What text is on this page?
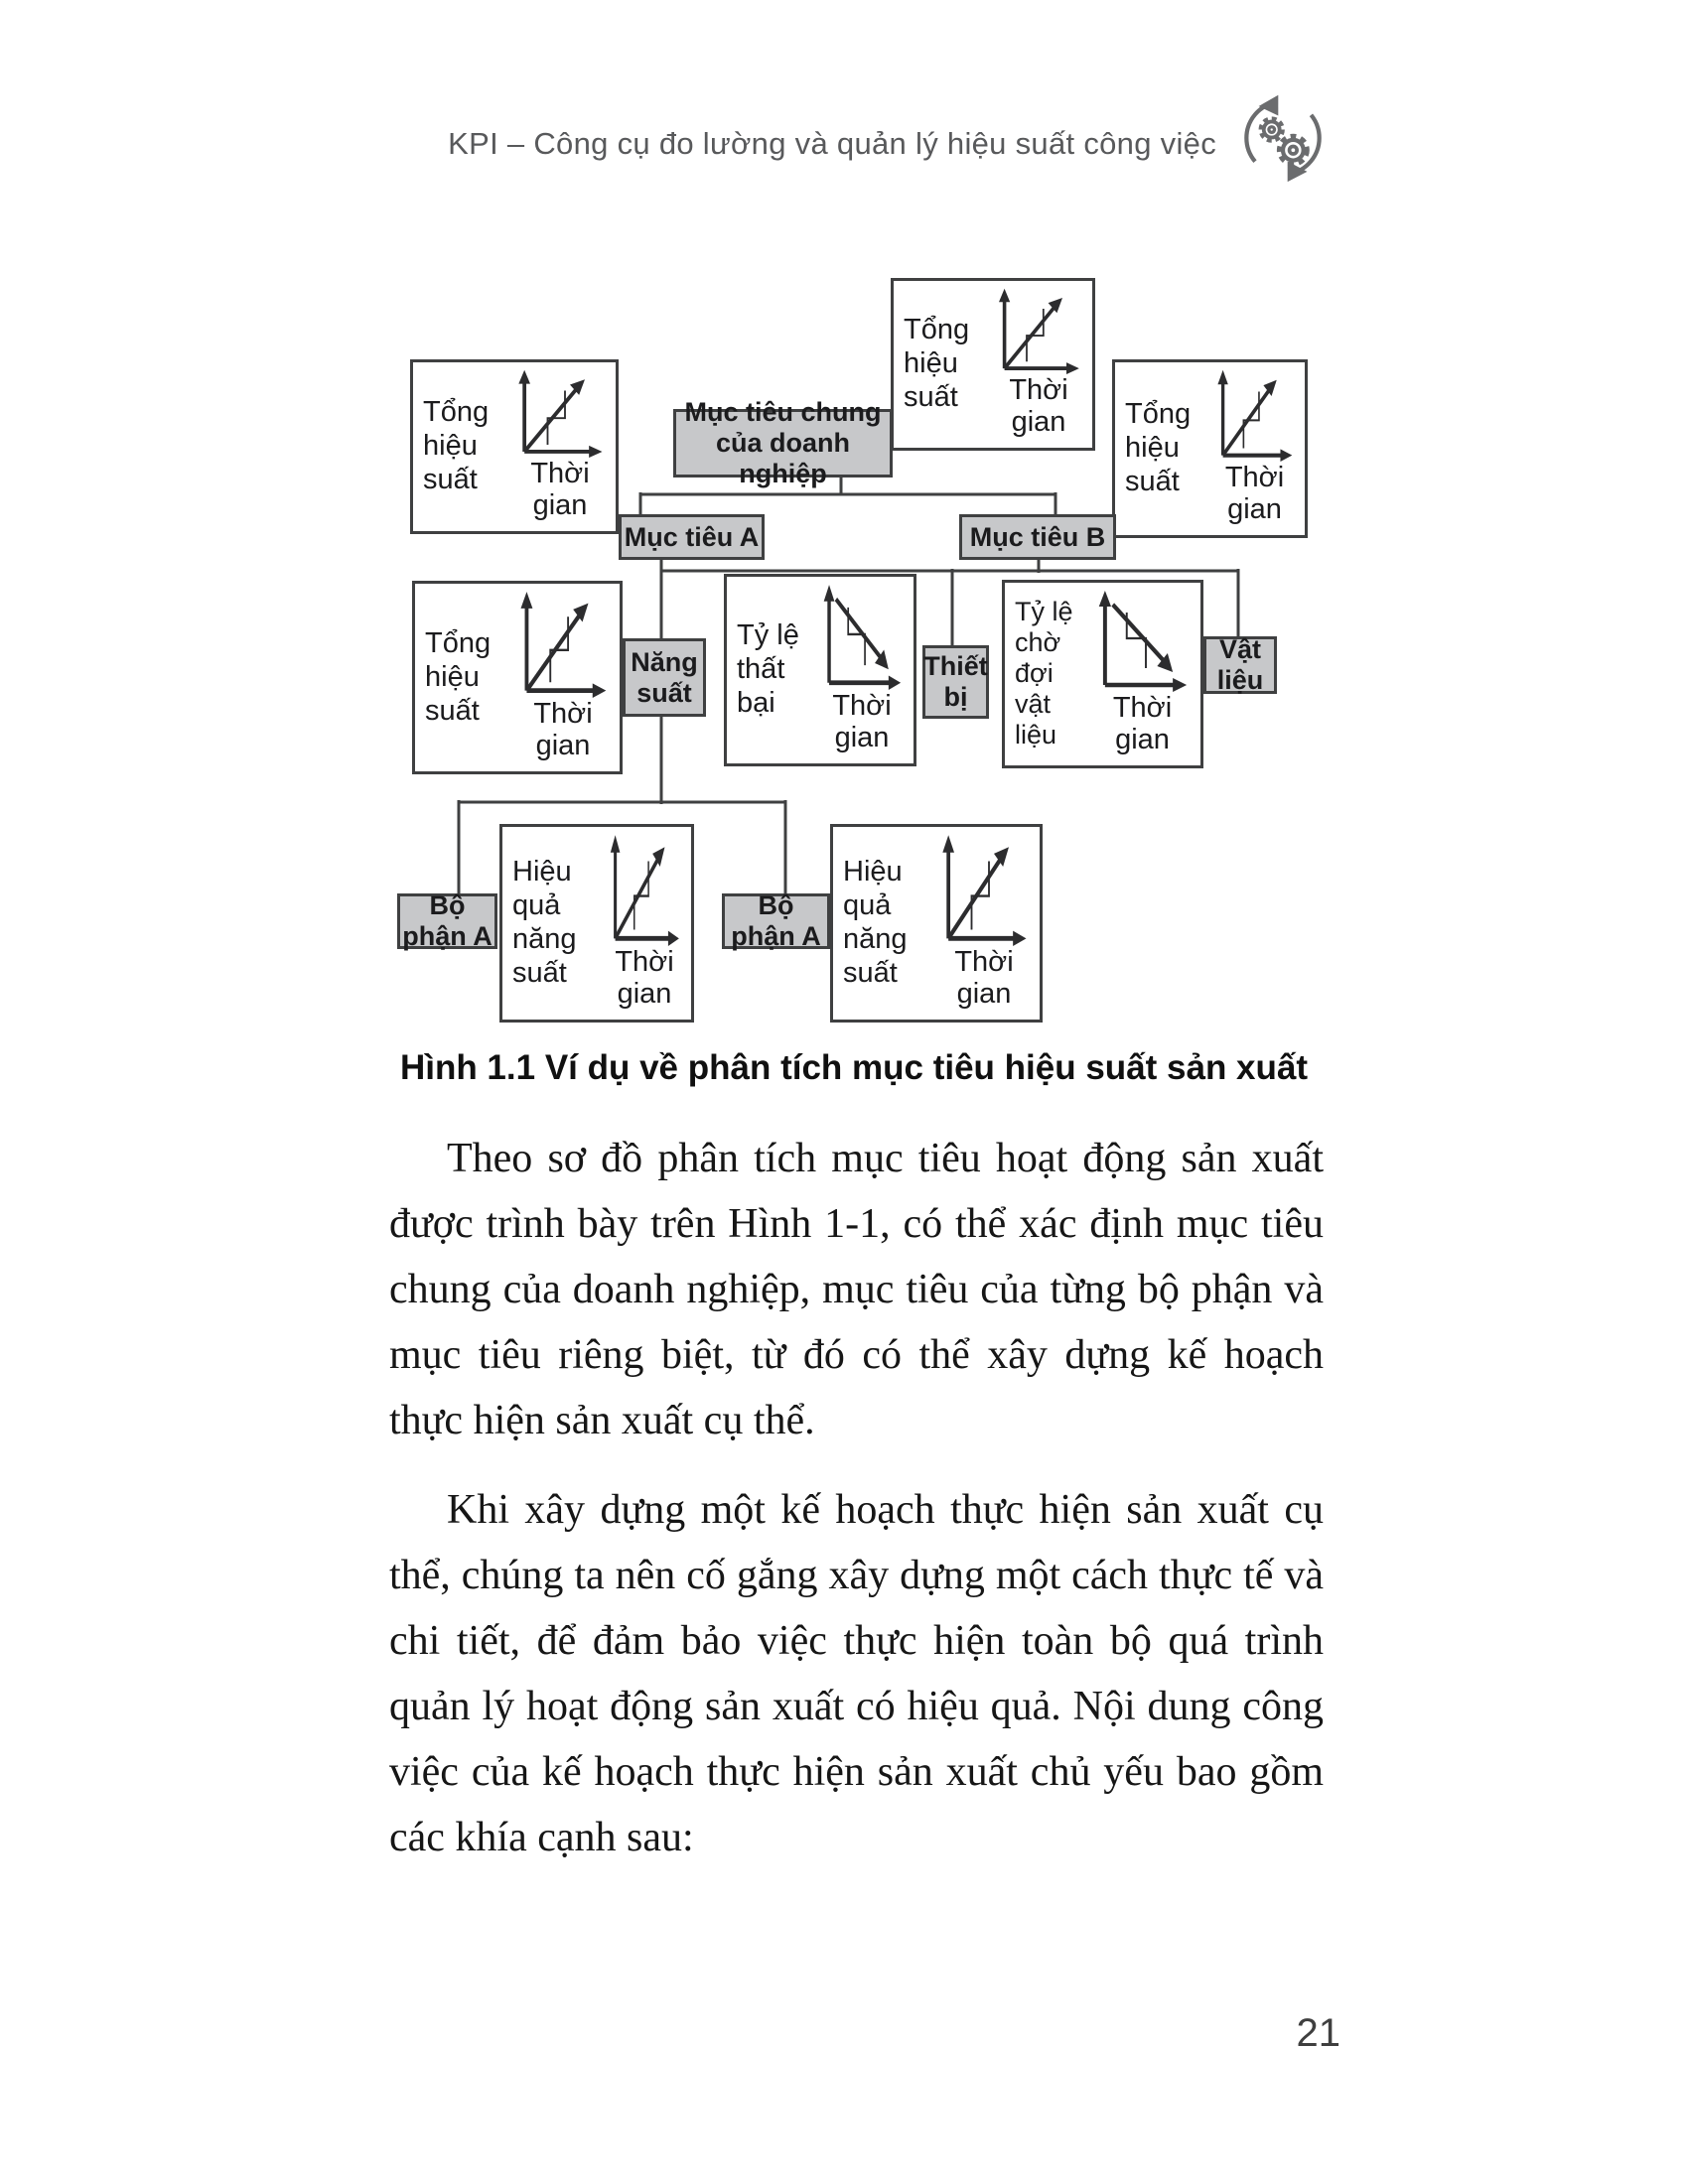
KPI – Công cụ đo lường và quản lý hiệu suất công việc
Tổng hiệu suất	Thời gian
Tổng hiệu suất	Thời gian	Tổng hiệu suất	Thời gian
Tổng hiệu suất	Thời gian
Tỷ lệ thất bại	Thời gian
Tỷ lệ chờ đợi vật liệu
Thời gian
Hiệu quả năng suất	Thời gian
Hiệu quả năng suất	Thời gian
Mục tiêu chung của doanh nghiệp
Mục tiêu A	Mục tiêu B
Năng suất
Thiết bị
Vật liệu
Bộ phận A
Bộ phận A
Hình 1.1 Ví dụ về phân tích mục tiêu hiệu suất sản xuất

Theo sơ đồ phân tích mục tiêu hoạt động sản xuất được trình bày trên Hình 1-1, có thể xác định mục tiêu chung của doanh nghiệp, mục tiêu của từng bộ phận và mục tiêu riêng biệt, từ đó có thể xây dựng kế hoạch thực hiện sản xuất cụ thể.

Khi xây dựng một kế hoạch thực hiện sản xuất cụ thể, chúng ta nên cố gắng xây dựng một cách thực tế và chi tiết, để đảm bảo việc thực hiện toàn bộ quá trình quản lý hoạt động sản xuất có hiệu quả. Nội dung công việc của kế hoạch thực hiện sản xuất chủ yếu bao gồm các khía cạnh sau:

21
